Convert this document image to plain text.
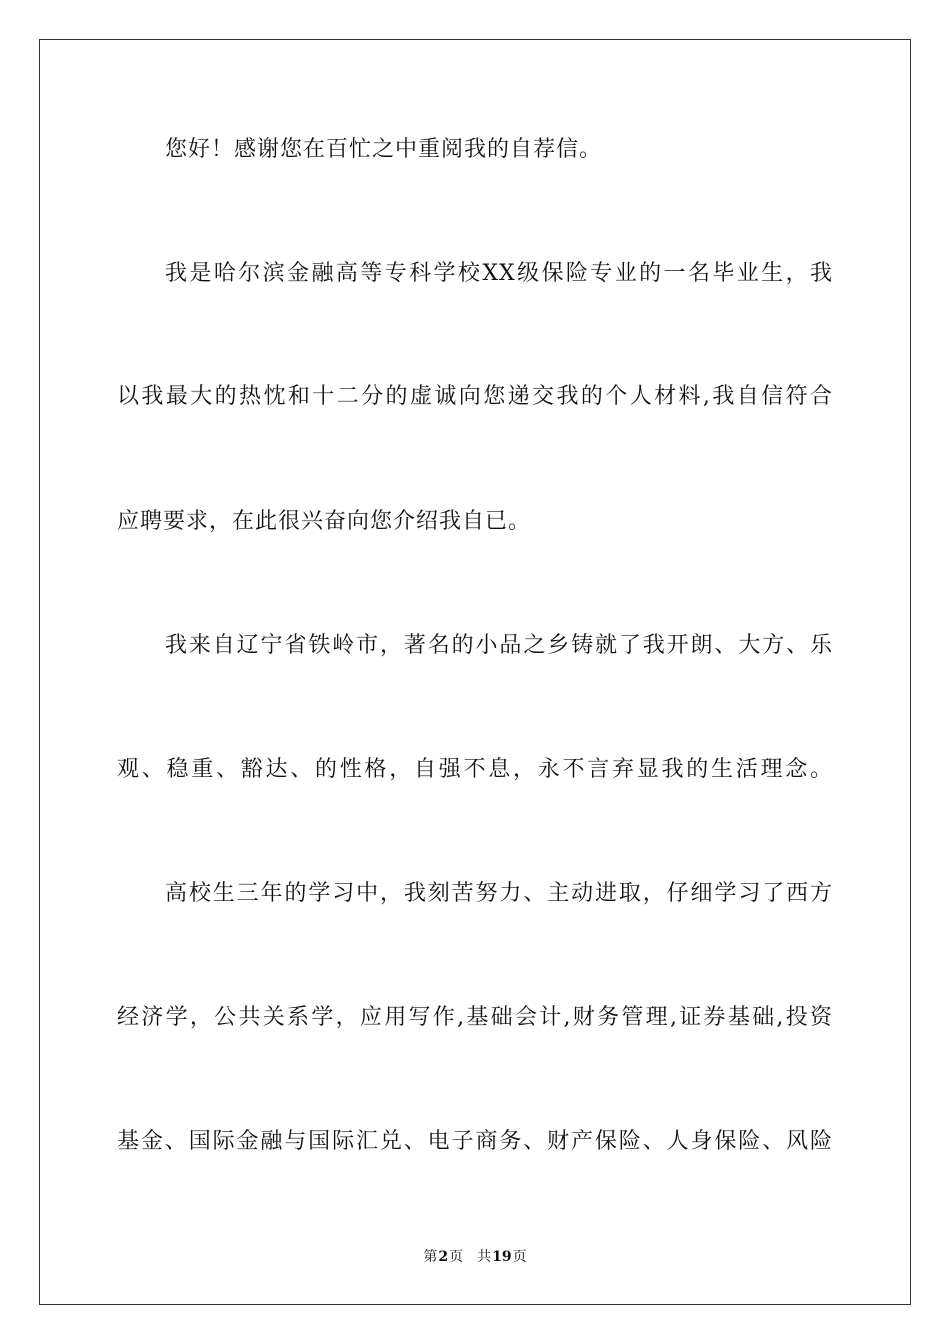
您好！感谢您在百忙之中重阅我的自荐信。
我是哈尔滨金融高等专科学校XX级保险专业的一名毕业生，我
以我最大的热忱和十二分的虚诚向您递交我的个人材料,我自信符合
应聘要求，在此很兴奋向您介绍我自已。
我来自辽宁省铁岭市，著名的小品之乡铸就了我开朗、大方、乐
观、稳重、豁达、的性格，自强不息，永不言弃显我的生活理念。
高校生三年的学习中，我刻苦努力、主动进取，仔细学习了西方
经济学，公共关系学，应用写作,基础会计,财务管理,证券基础,投资
基金、国际金融与国际汇兑、电子商务、财产保险、人身保险、风险
第2页 共19页
